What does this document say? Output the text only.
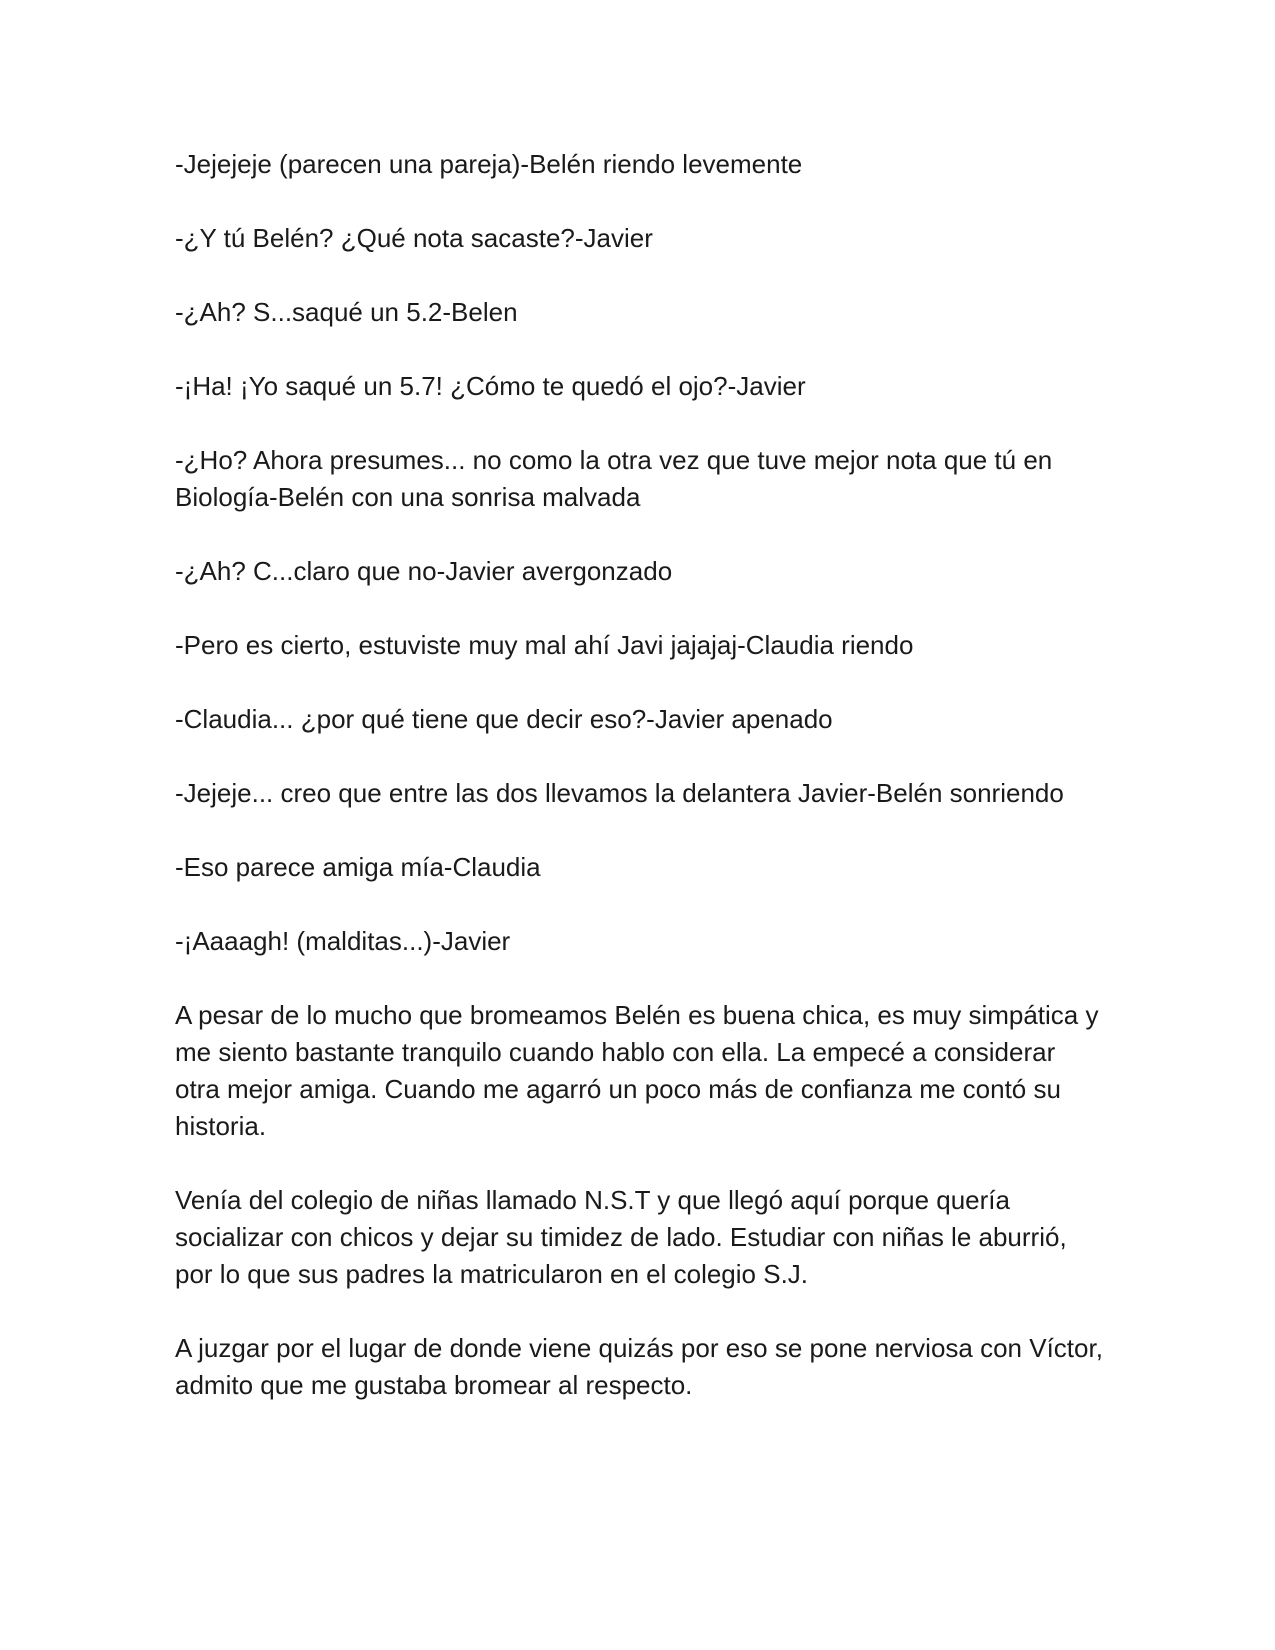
-Jejejeje (parecen una pareja)-Belén riendo levemente

-¿Y tú Belén? ¿Qué nota sacaste?-Javier

-¿Ah? S...saqué un 5.2-Belen

-¡Ha! ¡Yo saqué un 5.7! ¿Cómo te quedó el ojo?-Javier

-¿Ho? Ahora presumes... no como la otra vez que tuve mejor nota que tú en Biología-Belén con una sonrisa malvada

-¿Ah? C...claro que no-Javier avergonzado

-Pero es cierto, estuviste muy mal ahí Javi jajajaj-Claudia riendo

-Claudia... ¿por qué tiene que decir eso?-Javier apenado

-Jejeje... creo que entre las dos llevamos la delantera Javier-Belén sonriendo

-Eso parece amiga mía-Claudia

-¡Aaaagh! (malditas...)-Javier

A pesar de lo mucho que bromeamos Belén es buena chica, es muy simpática y me siento bastante tranquilo cuando hablo con ella. La empecé a considerar otra mejor amiga. Cuando me agarró un poco más de confianza me contó su historia.

Venía del colegio de niñas llamado N.S.T y que llegó aquí porque quería socializar con chicos y dejar su timidez de lado. Estudiar con niñas le aburrió, por lo que sus padres la matricularon en el colegio S.J.

A juzgar por el lugar de donde viene quizás por eso se pone nerviosa con Víctor, admito que me gustaba bromear al respecto.
